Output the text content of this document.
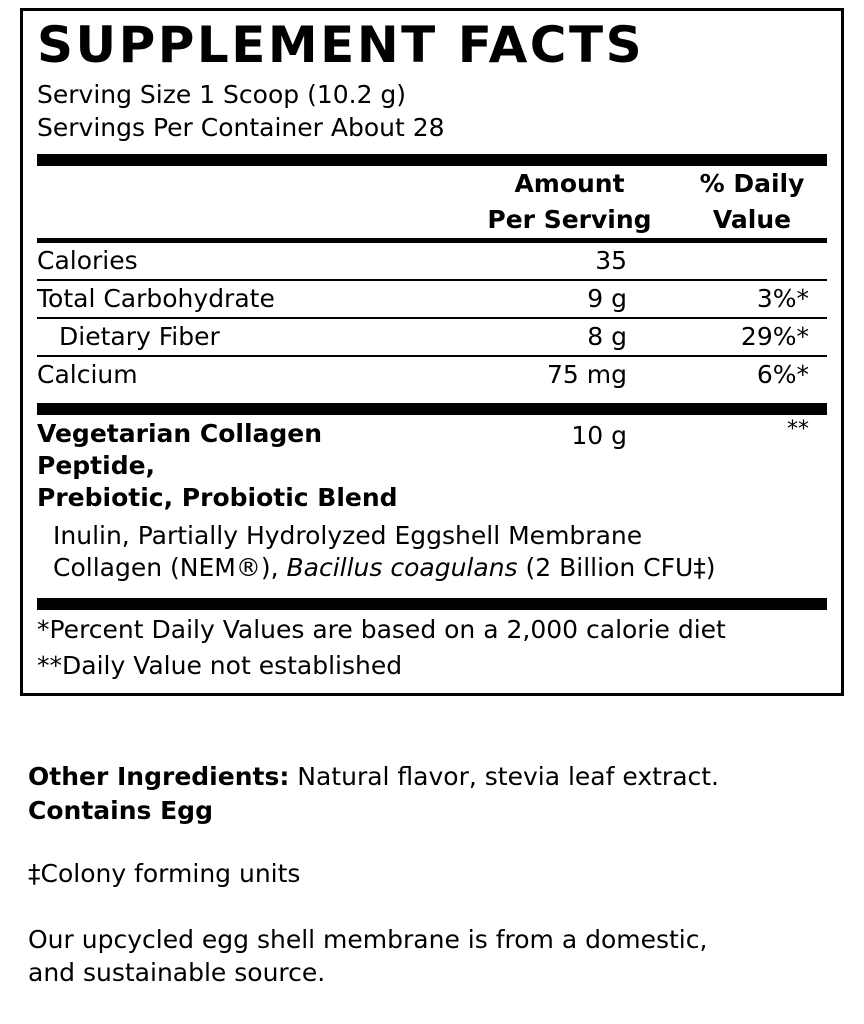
SUPPLEMENT FACTS

Serving Size 1 Scoop (10.2 g)

Servings Per Container About 28

	Amount	% Daily
	Per Serving	Value
Calories	35	
Total Carbohydrate	9 g	3%*
Dietary Fiber	8 g	29%*
Calcium	75 mg	6%*
Vegetarian Collagen Peptide,
Prebiotic, Probiotic Blend	10 g	**
Inulin, Partially Hydrolyzed Eggshell Membrane
Collagen (NEM®), Bacillus coagulans (2 Billion CFU‡)

*Percent Daily Values are based on a 2,000 calorie diet

**Daily Value not established

Other Ingredients: Natural flavor, stevia leaf extract.

Contains Egg

‡Colony forming units

Our upcycled egg shell membrane is from a domestic,

and sustainable source.
